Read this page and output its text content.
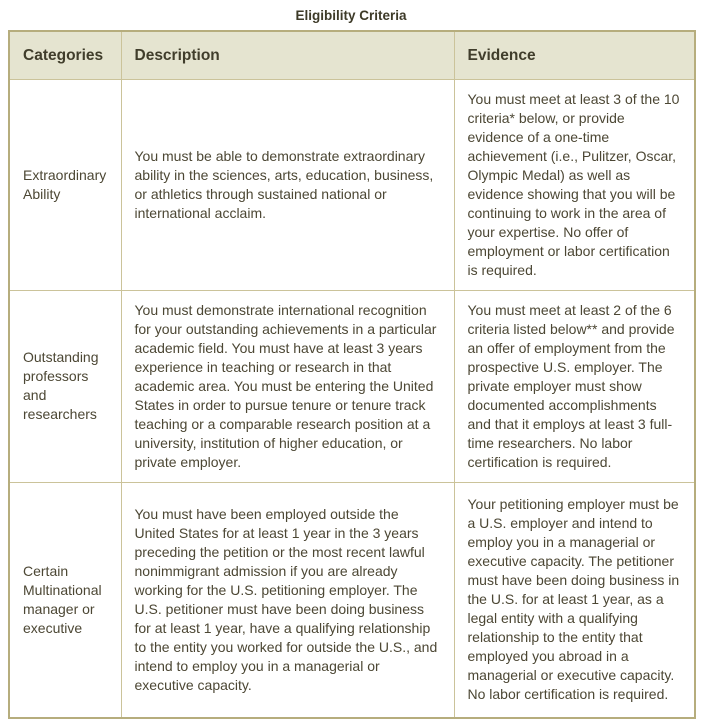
Eligibility Criteria
Categories	Description	Evidence
Extraordinary Ability	You must be able to demonstrate extraordinary ability in the sciences, arts, education, business, or athletics through sustained national or international acclaim.	You must meet at least 3 of the 10 criteria* below, or provide evidence of a one-time achievement (i.e., Pulitzer, Oscar, Olympic Medal) as well as evidence showing that you will be continuing to work in the area of your expertise. No offer of employment or labor certification is required.
Outstanding professors and researchers	You must demonstrate international recognition for your outstanding achievements in a particular academic field. You must have at least 3 years experience in teaching or research in that academic area. You must be entering the United States in order to pursue tenure or tenure track teaching or a comparable research position at a university, institution of higher education, or private employer.	You must meet at least 2 of the 6 criteria listed below** and provide an offer of employment from the prospective U.S. employer. The private employer must show documented accomplishments and that it employs at least 3 full-time researchers. No labor certification is required.
Certain Multinational manager or executive	You must have been employed outside the United States for at least 1 year in the 3 years preceding the petition or the most recent lawful nonimmigrant admission if you are already working for the U.S. petitioning employer. The U.S. petitioner must have been doing business for at least 1 year, have a qualifying relationship to the entity you worked for outside the U.S., and intend to employ you in a managerial or executive capacity.	Your petitioning employer must be a U.S. employer and intend to employ you in a managerial or executive capacity. The petitioner must have been doing business in the U.S. for at least 1 year, as a legal entity with a qualifying relationship to the entity that employed you abroad in a managerial or executive capacity. No labor certification is required.
